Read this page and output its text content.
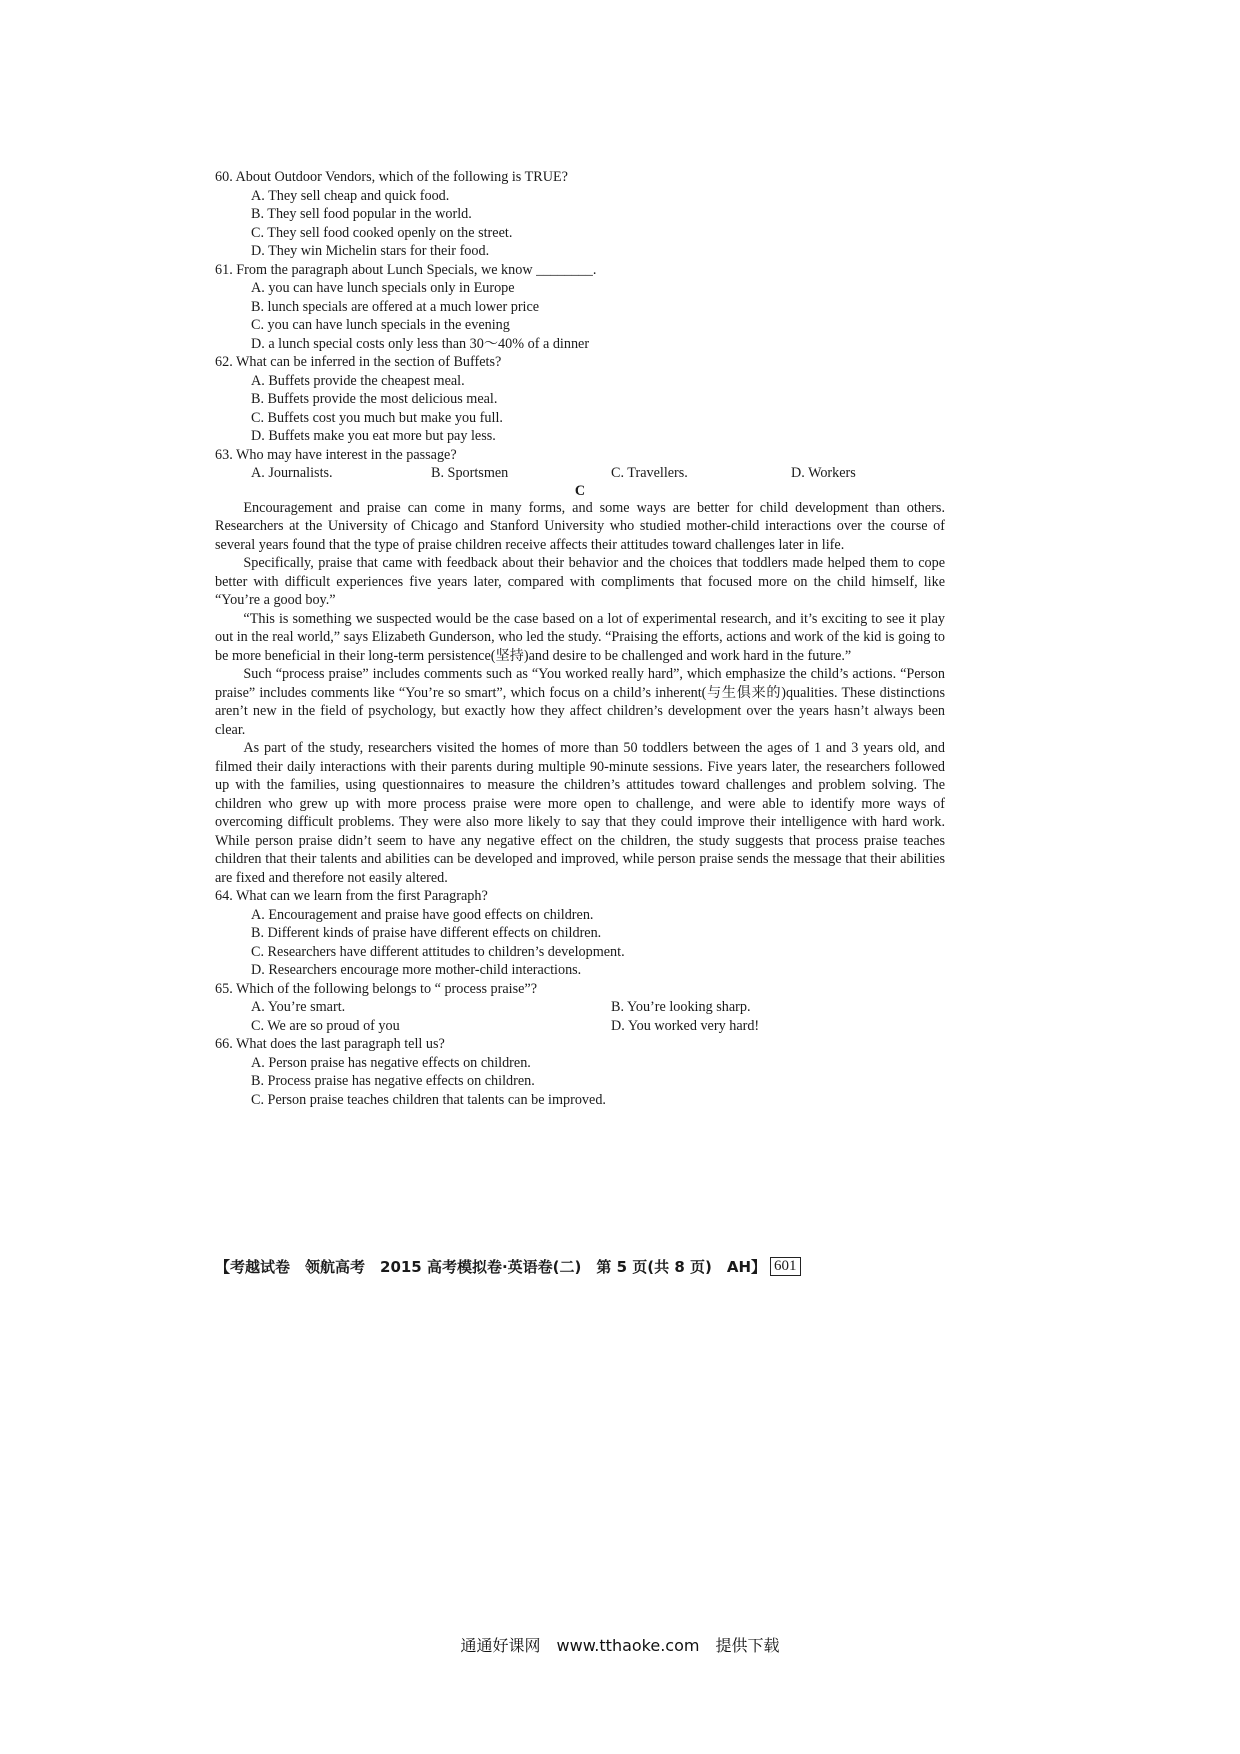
60. About Outdoor Vendors, which of the following is TRUE?

A. They sell cheap and quick food.

B. They sell food popular in the world.

C. They sell food cooked openly on the street.

D. They win Michelin stars for their food.

61. From the paragraph about Lunch Specials, we know ________.

A. you can have lunch specials only in Europe

B. lunch specials are offered at a much lower price

C. you can have lunch specials in the evening

D. a lunch special costs only less than 30～40% of a dinner

62. What can be inferred in the section of Buffets?

A. Buffets provide the cheapest meal.

B. Buffets provide the most delicious meal.

C. Buffets cost you much but make you full.

D. Buffets make you eat more but pay less.

63. Who may have interest in the passage?

A. Journalists.	B. Sportsmen	C. Travellers.	D. Workers

C

Encouragement and praise can come in many forms, and some ways are better for child development than others. Researchers at the University of Chicago and Stanford University who studied mother-child interactions over the course of several years found that the type of praise children receive affects their attitudes toward challenges later in life.

Specifically, praise that came with feedback about their behavior and the choices that toddlers made helped them to cope better with difficult experiences five years later, compared with compliments that focused more on the child himself, like “You’re a good boy.”

“This is something we suspected would be the case based on a lot of experimental research, and it’s exciting to see it play out in the real world,” says Elizabeth Gunderson, who led the study. “Praising the efforts, actions and work of the kid is going to be more beneficial in their long-term persistence(坚持)and desire to be challenged and work hard in the future.”

Such “process praise” includes comments such as “You worked really hard”, which emphasize the child’s actions. “Person praise” includes comments like “You’re so smart”, which focus on a child’s inherent(与生俱来的)qualities. These distinctions aren’t new in the field of psychology, but exactly how they affect children’s development over the years hasn’t always been clear.

As part of the study, researchers visited the homes of more than 50 toddlers between the ages of 1 and 3 years old, and filmed their daily interactions with their parents during multiple 90-minute sessions. Five years later, the researchers followed up with the families, using questionnaires to measure the children’s attitudes toward challenges and problem solving. The children who grew up with more process praise were more open to challenge, and were able to identify more ways of overcoming difficult problems. They were also more likely to say that they could improve their intelligence with hard work. While person praise didn’t seem to have any negative effect on the children, the study suggests that process praise teaches children that their talents and abilities can be developed and improved, while person praise sends the message that their abilities are fixed and therefore not easily altered.

64. What can we learn from the first Paragraph?

A. Encouragement and praise have good effects on children.

B. Different kinds of praise have different effects on children.

C. Researchers have different attitudes to children’s development.

D. Researchers encourage more mother-child interactions.

65. Which of the following belongs to “ process praise”?

A. You’re smart.	B. You’re looking sharp.
C. We are so proud of you	D. You worked very hard!

66. What does the last paragraph tell us?

A. Person praise has negative effects on children.

B. Process praise has negative effects on children.

C. Person praise teaches children that talents can be improved.

【考越试卷　领航高考　2015 高考模拟卷·英语卷(二)　第 5 页(共 8 页)　AH】 601
通通好课网　www.tthaoke.com　提供下载
